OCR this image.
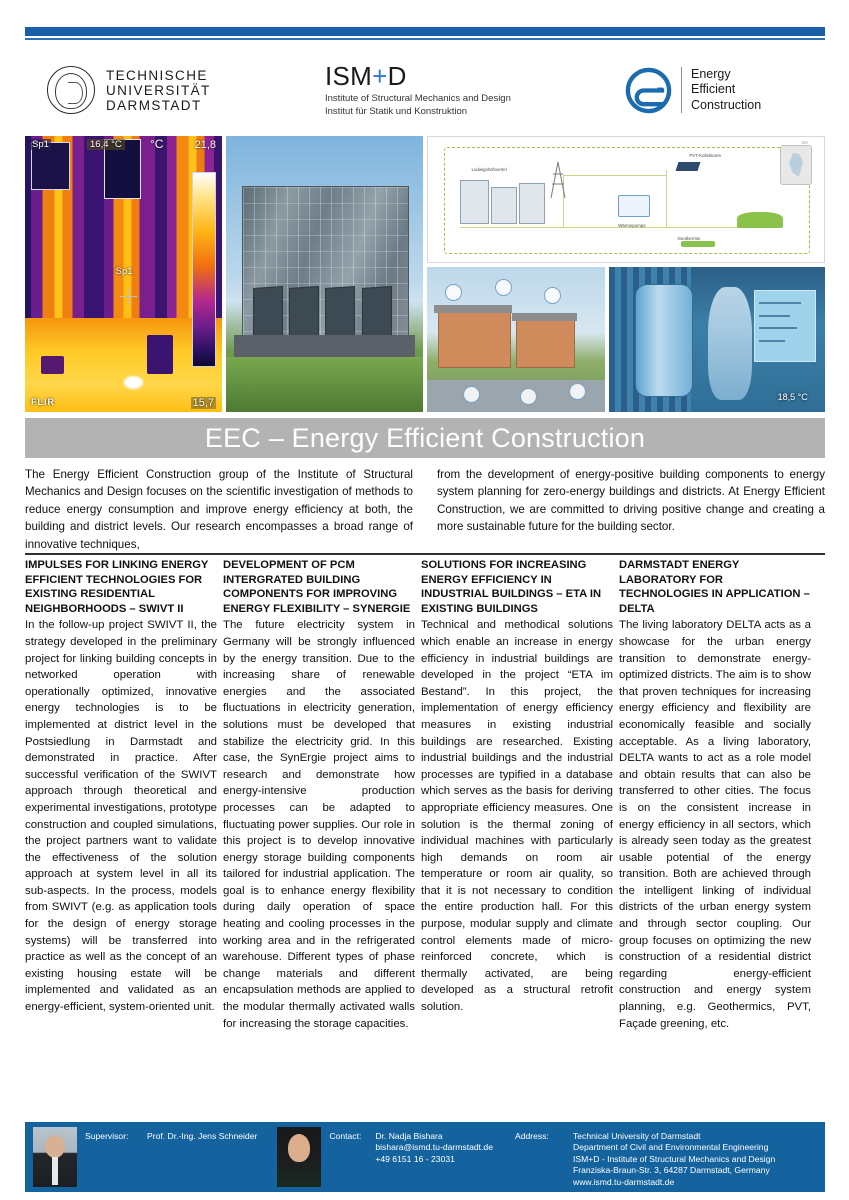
TECHNISCHE
UNIVERSITÄT
DARMSTADT
ISM+D
Institute of Structural Mechanics and Design
Institut für Statik und Konstruktion
Energy
Efficient
Construction
Sp1	16,4 °C °C	21,8
15,7
Sp1
FLIR
Ludwigshöhviertel
PVT-Kollektoren
Wärmepumpe
Geothermie
DA
18,5 °C
EEC – Energy Efficient Construction

The Energy Efficient Construction group of the Institute of Structural Mechanics and Design focuses on the scientific investigation of methods to reduce energy consumption and improve energy efficiency at both, the building and district levels. Our research encompasses a broad range of innovative techniques,

from the development of energy-positive building components to energy system planning for zero-energy buildings and districts. At Energy Efficient Construction, we are committed to driving positive change and creating a more sustainable future for the building sector.

IMPULSES FOR LINKING ENERGY EFFICIENT TECHNOLOGIES FOR EXISTING RESIDENTIAL NEIGHBORHOODS – SWIVT II

In the follow-up project SWIVT II, the strategy developed in the preliminary project for linking building concepts in networked operation with operationally optimized, innovative energy technologies is to be implemented at district level in the Postsiedlung in Darmstadt and demonstrated in practice. After successful verification of the SWIVT approach through theoretical and experimental investigations, prototype construction and coupled simulations, the project partners want to validate the effectiveness of the solution approach at system level in all its sub-aspects. In the process, models from SWIVT (e.g. as application tools for the design of energy storage systems) will be transferred into practice as well as the concept of an existing housing estate will be implemented and validated as an energy-efficient, system-oriented unit.

DEVELOPMENT OF PCM INTERGRATED BUILDING COMPONENTS FOR IMPROVING ENERGY FLEXIBILITY – SYNERGIE

The future electricity system in Germany will be strongly influenced by the energy transition. Due to the increasing share of renewable energies and the associated fluctuations in electricity generation, solutions must be developed that stabilize the electricity grid. In this case, the SynErgie project aims to research and demonstrate how energy-intensive production processes can be adapted to fluctuating power supplies. Our role in this project is to develop innovative energy storage building components tailored for industrial application. The goal is to enhance energy flexibility during daily operation of space heating and cooling processes in the working area and in the refrigerated warehouse. Different types of phase change materials and different encapsulation methods are applied to the modular thermally activated walls for increasing the storage capacities.

SOLUTIONS FOR INCREASING ENERGY EFFICIENCY IN INDUSTRIAL BUILDINGS – ETA IN EXISTING BUILDINGS

Technical and methodical solutions which enable an increase in energy efficiency in industrial buildings are developed in the project “ETA im Bestand”. In this project, the implementation of energy efficiency measures in existing industrial buildings are researched. Existing industrial buildings and the industrial processes are typified in a database which serves as the basis for deriving appropriate efficiency measures. One solution is the thermal zoning of individual machines with particularly high demands on room air temperature or room air quality, so that it is not necessary to condition the entire production hall. For this purpose, modular supply and climate control elements made of micro-reinforced concrete, which is thermally activated, are being developed as a structural retrofit solution.

DARMSTADT ENERGY LABORATORY FOR TECHNOLOGIES IN APPLICATION – DELTA

The living laboratory DELTA acts as a showcase for the urban energy transition to demonstrate energy-optimized districts. The aim is to show that proven techniques for increasing energy efficiency and flexibility are economically feasible and socially acceptable. As a living laboratory, DELTA wants to act as a role model and obtain results that can also be transferred to other cities. The focus is on the consistent increase in energy efficiency in all sectors, which is already seen today as the greatest usable potential of the energy transition. Both are achieved through the intelligent linking of individual districts of the urban energy system and through sector coupling. Our group focuses on optimizing the new construction of a residential district regarding energy-efficient construction and energy system planning, e.g. Geothermics, PVT, Façade greening, etc.

Supervisor:	Prof. Dr.-Ing. Jens Schneider	Contact:	Dr. Nadja Bishara
bishara@ismd.tu-darmstadt.de
+49 6151 16 - 23031
Address:	Technical University of Darmstadt
Department of Civil and Environmental Engineering
ISM+D - Institute of Structural Mechanics and Design
Franziska-Braun-Str. 3, 64287 Darmstadt, Germany
www.ismd.tu-darmstadt.de
